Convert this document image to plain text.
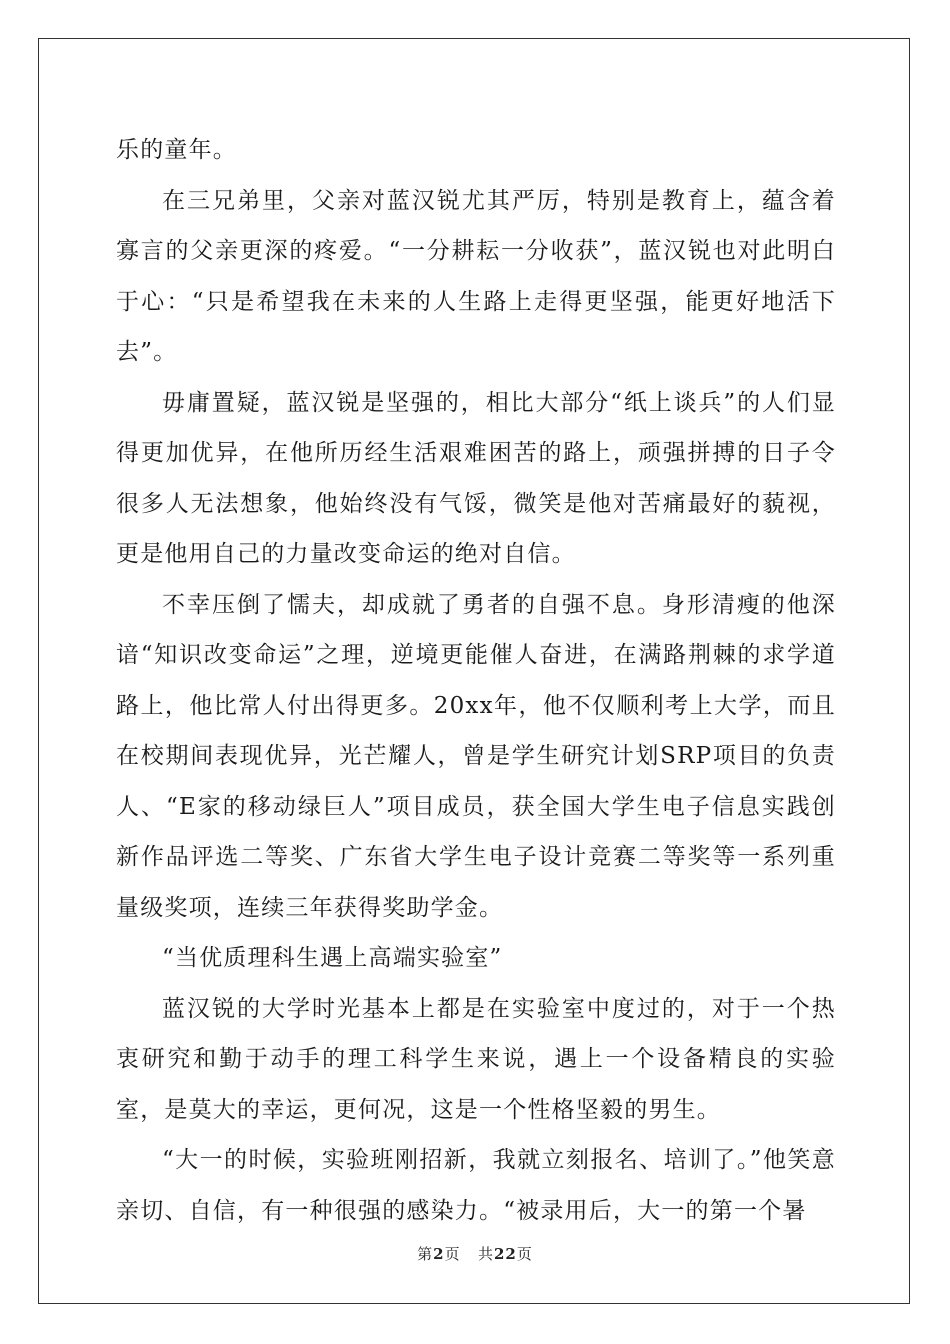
乐的童年。

在三兄弟里，父亲对蓝汉锐尤其严厉，特别是教育上，蕴含着寡言的父亲更深的疼爱。“一分耕耘一分收获”，蓝汉锐也对此明白于心：“只是希望我在未来的人生路上走得更坚强，能更好地活下去”。

毋庸置疑，蓝汉锐是坚强的，相比大部分“纸上谈兵”的人们显得更加优异，在他所历经生活艰难困苦的路上，顽强拼搏的日子令很多人无法想象，他始终没有气馁，微笑是他对苦痛最好的藐视，更是他用自己的力量改变命运的绝对自信。

不幸压倒了懦夫，却成就了勇者的自强不息。身形清瘦的他深谙“知识改变命运”之理，逆境更能催人奋进，在满路荆棘的求学道路上，他比常人付出得更多。20xx年，他不仅顺利考上大学，而且在校期间表现优异，光芒耀人，曾是学生研究计划SRP项目的负责人、“E家的移动绿巨人”项目成员，获全国大学生电子信息实践创新作品评选二等奖、广东省大学生电子设计竞赛二等奖等一系列重量级奖项，连续三年获得奖助学金。

“当优质理科生遇上高端实验室”

蓝汉锐的大学时光基本上都是在实验室中度过的，对于一个热衷研究和勤于动手的理工科学生来说，遇上一个设备精良的实验室，是莫大的幸运，更何况，这是一个性格坚毅的男生。

“大一的时候，实验班刚招新，我就立刻报名、培训了。”他笑意亲切、自信，有一种很强的感染力。“被录用后，大一的第一个暑

第2页 共22页
